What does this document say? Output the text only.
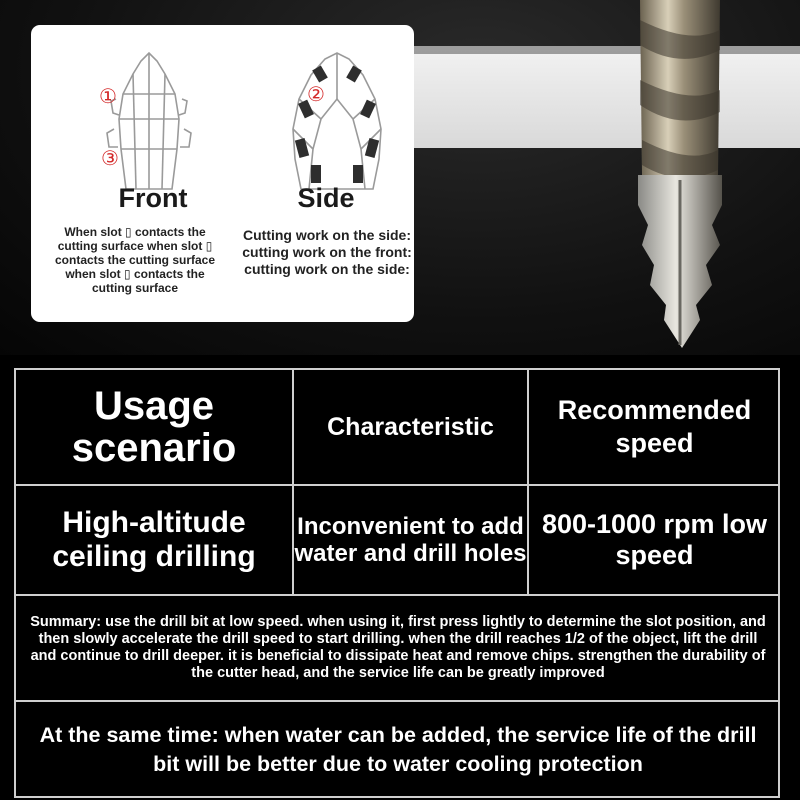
①
③
②
Front	Side
When slot ▯ contacts the cutting surface when slot ▯ contacts the cutting surface when slot ▯ contacts the cutting surface
Cutting work on the side: cutting work on the front: cutting work on the side:
Usage scenario	Characteristic
Recommended speed
High-altitude ceiling drilling
Inconvenient to add water and drill holes
800-1000 rpm low speed
Summary: use the drill bit at low speed. when using it, first press lightly to determine the slot position, and then slowly accelerate the drill speed to start drilling. when the drill reaches 1/2 of the object, lift the drill and continue to drill deeper. it is beneficial to dissipate heat and remove chips. strengthen the durability of the cutter head, and the service life can be greatly improved
At the same time: when water can be added, the service life of the drill bit will be better due to water cooling protection
